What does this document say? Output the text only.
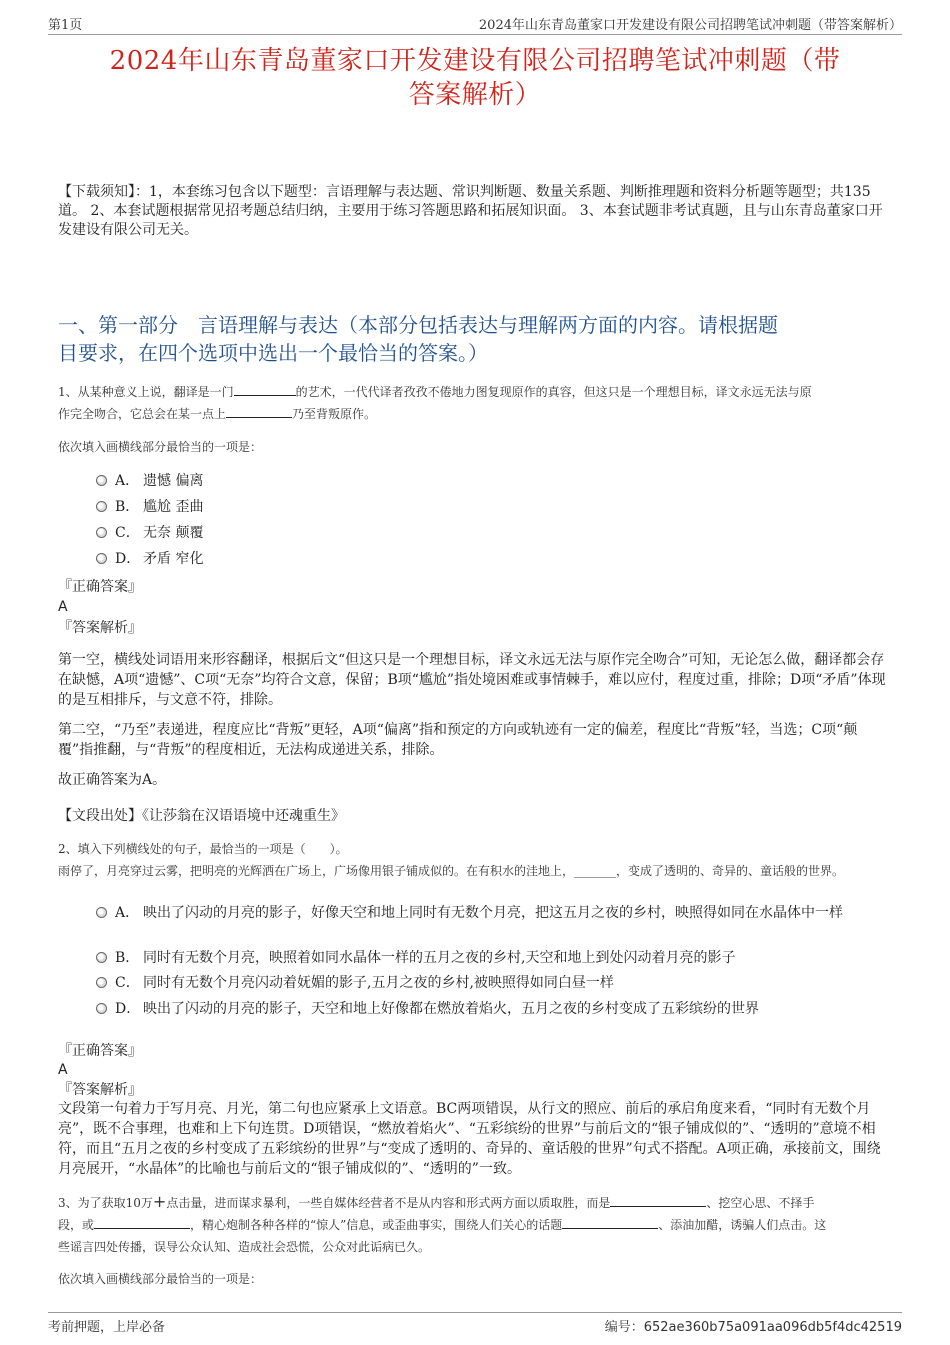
第1页	2024年山东青岛董家口开发建设有限公司招聘笔试冲刺题（带答案解析）
2024年山东青岛董家口开发建设有限公司招聘笔试冲刺题（带
答案解析）
【下载须知】：1，本套练习包含以下题型：言语理解与表达题、常识判断题、数量关系题、判断推理题和资料分析题等题型；共135道。 2、本套试题根据常见招考题总结归纳，主要用于练习答题思路和拓展知识面。 3、本套试题非考试真题，且与山东青岛董家口开发建设有限公司无关。
一、第一部分　言语理解与表达（本部分包括表达与理解两方面的内容。请根据题
目要求，在四个选项中选出一个最恰当的答案。）
1、从某种意义上说，翻译是一门	的艺术，一代代译者孜孜不倦地力图复现原作的真容，但这只是一个理想目标，译文永远无法与原
作完全吻合，它总会在某一点上	乃至背叛原作。
依次填入画横线部分最恰当的一项是：
A． 遗憾 偏离
B． 尴尬 歪曲
C． 无奈 颠覆
D． 矛盾 窄化
『正确答案』
A
『答案解析』
第一空，横线处词语用来形容翻译，根据后文“但这只是一个理想目标，译文永远无法与原作完全吻合”可知，无论怎么做，翻译都会存在缺憾，A项“遗憾”、C项“无奈”均符合文意，保留；B项“尴尬”指处境困难或事情棘手，难以应付，程度过重，排除；D项“矛盾”体现的是互相排斥，与文意不符，排除。
第二空，“乃至”表递进，程度应比“背叛”更轻，A项“偏离”指和预定的方向或轨迹有一定的偏差，程度比“背叛”轻，当选；C项“颠覆”指推翻，与“背叛”的程度相近，无法构成递进关系，排除。
故正确答案为A。
【文段出处】《让莎翁在汉语语境中还魂重生》
2、填入下列横线处的句子，最恰当的一项是（　　）。
雨停了，月亮穿过云雾，把明亮的光辉洒在广场上，广场像用银子铺成似的。在有积水的洼地上，_______，变成了透明的、奇异的、童话般的世界。
A． 映出了闪动的月亮的影子，好像天空和地上同时有无数个月亮，把这五月之夜的乡村，映照得如同在水晶体中一样
B． 同时有无数个月亮，映照着如同水晶体一样的五月之夜的乡村,天空和地上到处闪动着月亮的影子
C． 同时有无数个月亮闪动着妩媚的影子,五月之夜的乡村,被映照得如同白昼一样
D． 映出了闪动的月亮的影子，天空和地上好像都在燃放着焰火，五月之夜的乡村变成了五彩缤纷的世界
『正确答案』
A
『答案解析』
文段第一句着力于写月亮、月光，第二句也应紧承上文语意。BC两项错误，从行文的照应、前后的承启角度来看，“同时有无数个月亮”，既不合事理，也难和上下句连贯。D项错误，“燃放着焰火”、“五彩缤纷的世界”与前后文的“银子铺成似的”、“透明的”意境不相符，而且“五月之夜的乡村变成了五彩缤纷的世界”与“变成了透明的、奇异的、童话般的世界”句式不搭配。A项正确，承接前文，围绕月亮展开，“水晶体”的比喻也与前后文的“银子铺成似的”、“透明的”一致。
3、为了获取10万+点击量，进而谋求暴利，一些自媒体经营者不是从内容和形式两方面以质取胜，而是	、挖空心思、不择手
段，或	，精心炮制各种各样的“惊人”信息，或歪曲事实，围绕人们关心的话题	、添油加醋，诱骗人们点击。这
些谣言四处传播，误导公众认知、造成社会恐慌，公众对此诟病已久。
依次填入画横线部分最恰当的一项是：
考前押题，上岸必备	编号：652ae360b75a091aa096db5f4dc42519
